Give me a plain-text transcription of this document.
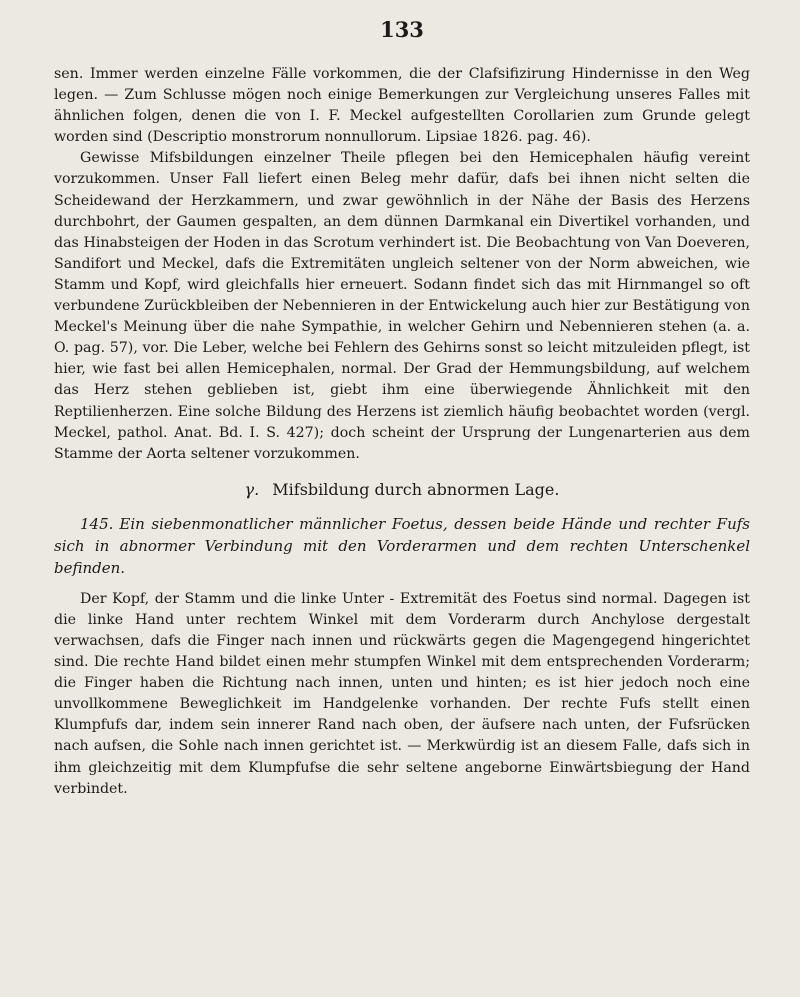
133

sen. Immer werden einzelne Fälle vorkommen, die der Clafsifizirung Hindernisse in den Weg legen. — Zum Schlusse mögen noch einige Bemerkungen zur Vergleichung unseres Falles mit ähnlichen folgen, denen die von I. F. Meckel aufgestellten Corollarien zum Grunde gelegt worden sind (Descriptio monstrorum nonnullorum. Lipsiae 1826. pag. 46).

Gewisse Mifsbildungen einzelner Theile pflegen bei den Hemicephalen häufig vereint vorzukommen. Unser Fall liefert einen Beleg mehr dafür, dafs bei ihnen nicht selten die Scheidewand der Herzkammern, und zwar gewöhnlich in der Nähe der Basis des Herzens durchbohrt, der Gaumen gespalten, an dem dünnen Darmkanal ein Divertikel vorhanden, und das Hinabsteigen der Hoden in das Scrotum verhindert ist. Die Beobachtung von Van Doeveren, Sandifort und Meckel, dafs die Extremitäten ungleich seltener von der Norm abweichen, wie Stamm und Kopf, wird gleichfalls hier erneuert. Sodann findet sich das mit Hirnmangel so oft verbundene Zurückbleiben der Nebennieren in der Entwickelung auch hier zur Bestätigung von Meckel's Meinung über die nahe Sympathie, in welcher Gehirn und Nebennieren stehen (a. a. O. pag. 57), vor. Die Leber, welche bei Fehlern des Gehirns sonst so leicht mitzuleiden pflegt, ist hier, wie fast bei allen Hemicephalen, normal. Der Grad der Hemmungsbildung, auf welchem das Herz stehen geblieben ist, giebt ihm eine überwiegende Ähnlichkeit mit den Reptilienherzen. Eine solche Bildung des Herzens ist ziemlich häufig beobachtet worden (vergl. Meckel, pathol. Anat. Bd. I. S. 427); doch scheint der Ursprung der Lungenarterien aus dem Stamme der Aorta seltener vorzukommen.

γ. Mifsbildung durch abnormen Lage.

145. Ein siebenmonatlicher männlicher Foetus, dessen beide Hände und rechter Fufs sich in abnormer Verbindung mit den Vorderarmen und dem rechten Unterschenkel befinden.

Der Kopf, der Stamm und die linke Unter - Extremität des Foetus sind normal. Dagegen ist die linke Hand unter rechtem Winkel mit dem Vorderarm durch Anchylose dergestalt verwachsen, dafs die Finger nach innen und rückwärts gegen die Magengegend hingerichtet sind. Die rechte Hand bildet einen mehr stumpfen Winkel mit dem entsprechenden Vorderarm; die Finger haben die Richtung nach innen, unten und hinten; es ist hier jedoch noch eine unvollkommene Beweglichkeit im Handgelenke vorhanden. Der rechte Fufs stellt einen Klumpfufs dar, indem sein innerer Rand nach oben, der äufsere nach unten, der Fufsrücken nach aufsen, die Sohle nach innen gerichtet ist. — Merkwürdig ist an diesem Falle, dafs sich in ihm gleichzeitig mit dem Klumpfufse die sehr seltene angeborne Einwärtsbiegung der Hand verbindet.
